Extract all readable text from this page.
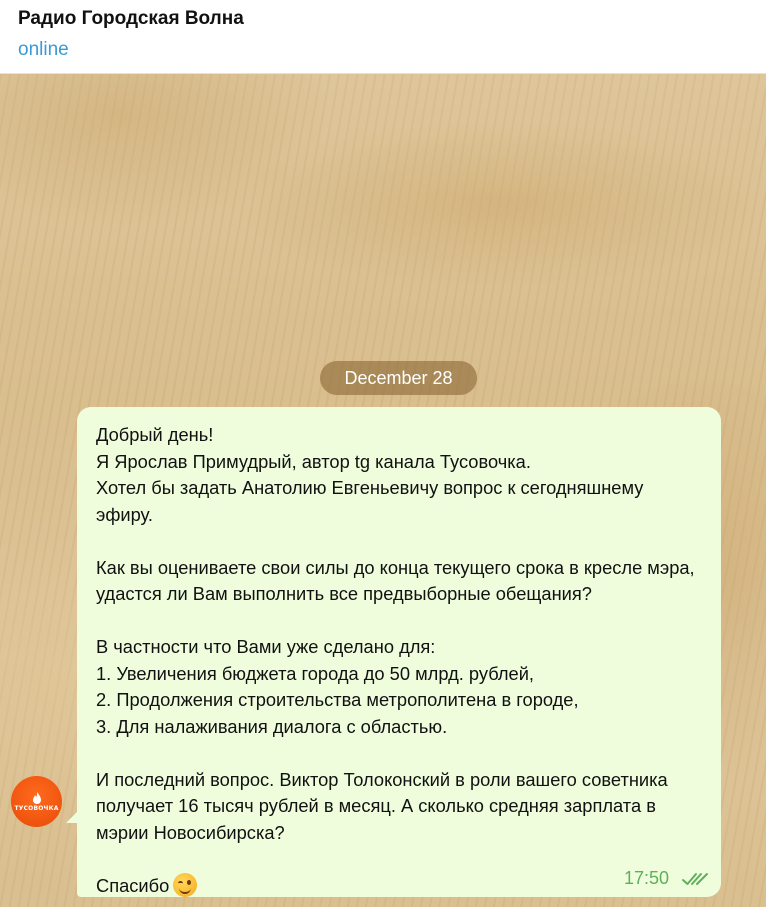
Радио Городская Волна
online
December 28
Добрый день!
Я Ярослав Примудрый, автор tg канала Тусовочка.
Хотел бы задать Анатолию Евгеньевичу вопрос к сегодняшнему эфиру.

Как вы оцениваете свои силы до конца текущего срока в кресле мэра, удастся ли Вам выполнить все предвыборные обещания?

В частности что Вами уже сделано для:
1. Увеличения бюджета города до 50 млрд. рублей,
2. Продолжения строительства метрополитена в городе,
3. Для налаживания диалога с областью.

И последний вопрос. Виктор Толоконский в роли вашего советника получает 16 тысяч рублей в месяц. А сколько средняя зарплата в мэрии Новосибирска?

Спасибо	17:50
ТУСОВОЧКА
